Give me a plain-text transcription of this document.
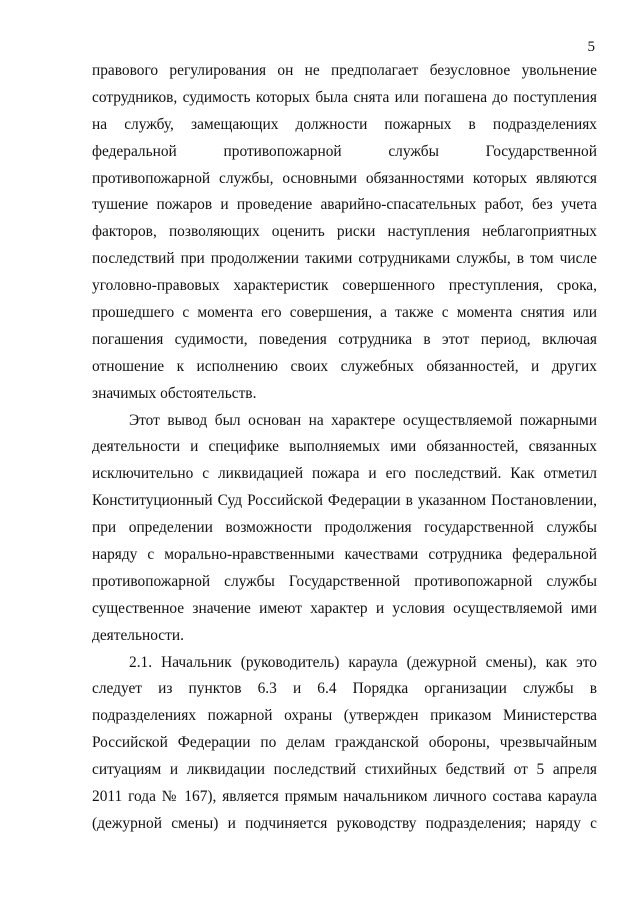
5
правового регулирования он не предполагает безусловное увольнение
сотрудников, судимость которых была снята или погашена до поступления
на службу, замещающих должности пожарных в подразделениях
федеральной противопожарной службы Государственной
противопожарной службы, основными обязанностями которых являются
тушение пожаров и проведение аварийно-спасательных работ, без учета
факторов, позволяющих оценить риски наступления неблагоприятных
последствий при продолжении такими сотрудниками службы, в том числе
уголовно-правовых характеристик совершенного преступления, срока,
прошедшего с момента его совершения, а также с момента снятия или
погашения судимости, поведения сотрудника в этот период, включая
отношение к исполнению своих служебных обязанностей, и других
значимых обстоятельств.
Этот вывод был основан на характере осуществляемой пожарными
деятельности и специфике выполняемых ими обязанностей, связанных
исключительно с ликвидацией пожара и его последствий. Как отметил
Конституционный Суд Российской Федерации в указанном Постановлении,
при определении возможности продолжения государственной службы
наряду с морально-нравственными качествами сотрудника федеральной
противопожарной службы Государственной противопожарной службы
существенное значение имеют характер и условия осуществляемой ими
деятельности.
2.1. Начальник (руководитель) караула (дежурной смены), как это
следует из пунктов 6.3 и 6.4 Порядка организации службы в
подразделениях пожарной охраны (утвержден приказом Министерства
Российской Федерации по делам гражданской обороны, чрезвычайным
ситуациям и ликвидации последствий стихийных бедствий от 5 апреля
2011 года № 167), является прямым начальником личного состава караула
(дежурной смены) и подчиняется руководству подразделения; наряду с
